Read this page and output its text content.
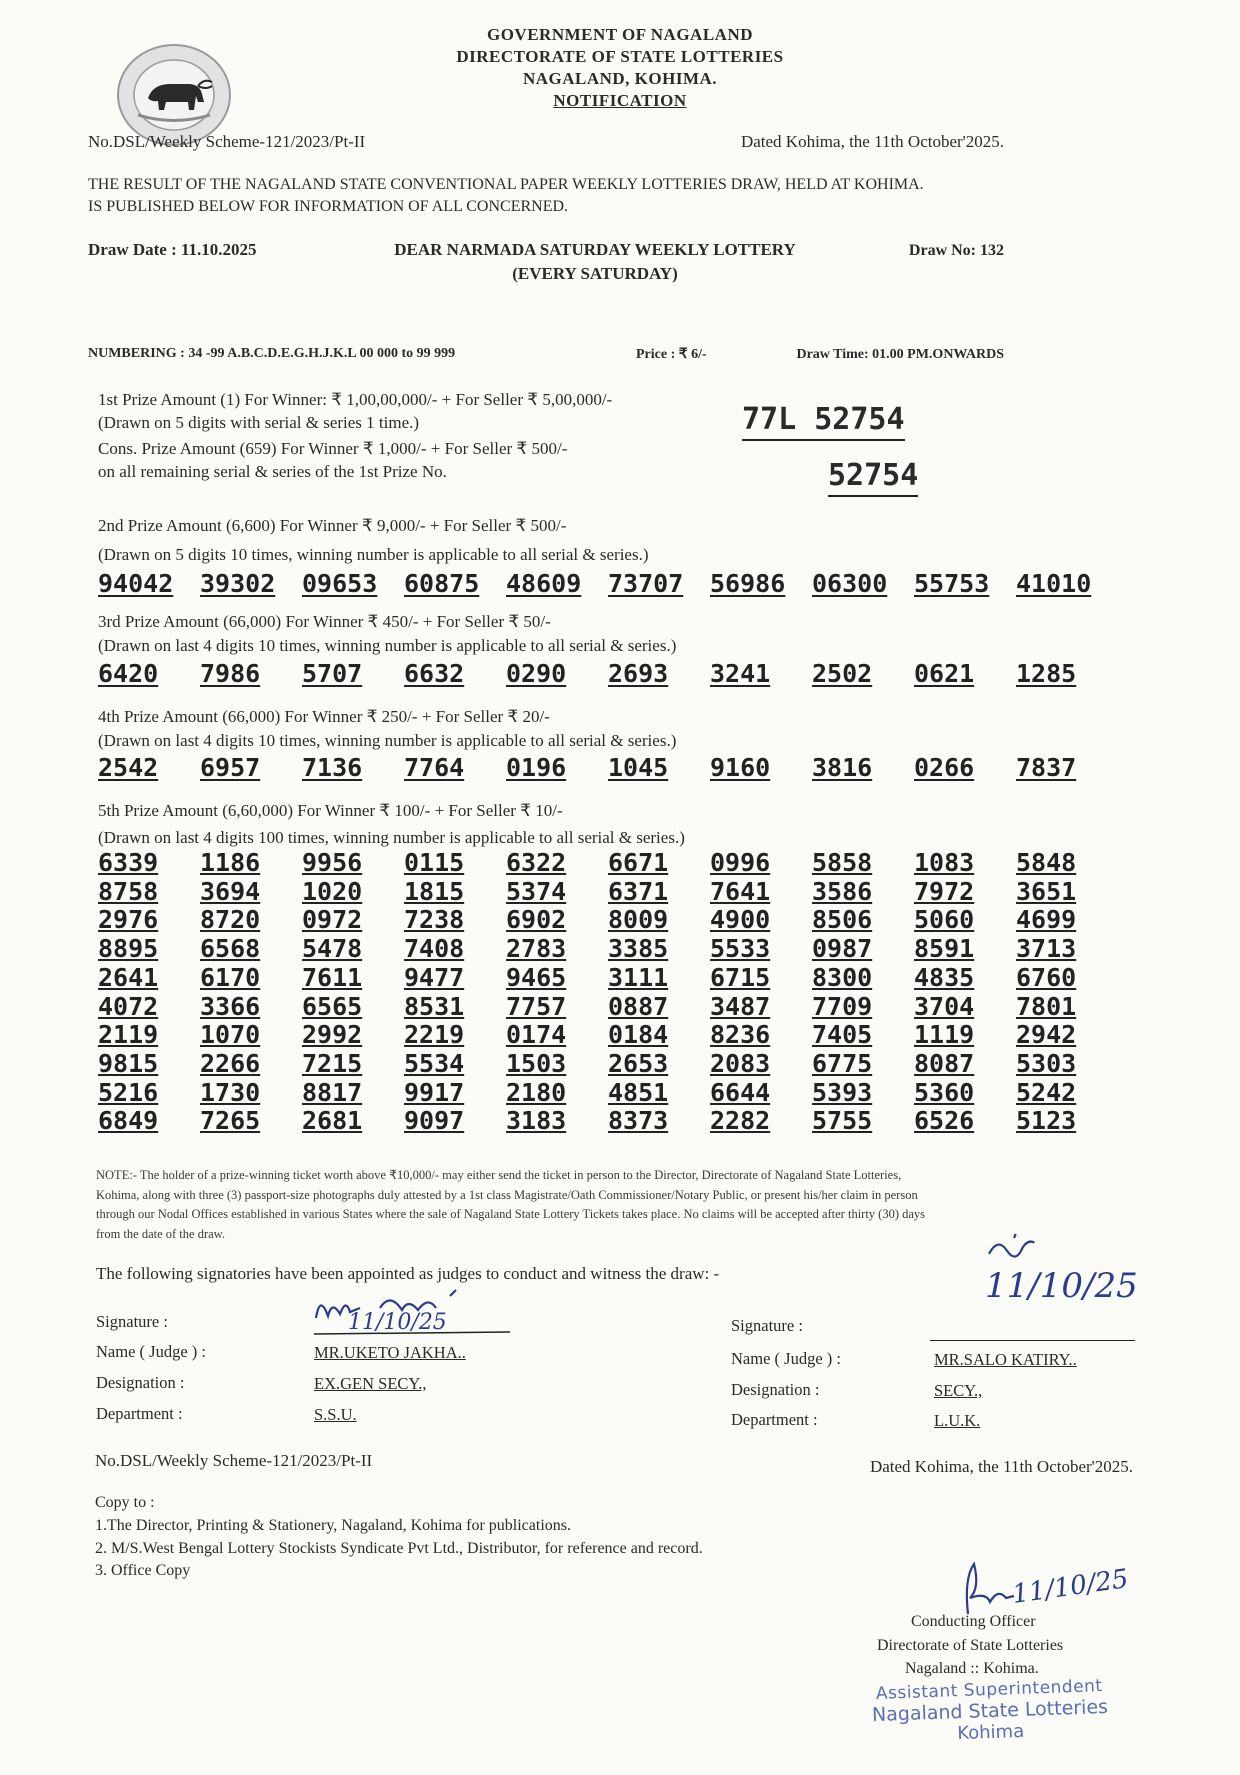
GOVERNMENT OF NAGALAND
DIRECTORATE OF STATE LOTTERIES
NAGALAND, KOHIMA.
NOTIFICATION
No.DSL/Weekly Scheme-121/2023/Pt-II	Dated Kohima, the 11th October'2025.
THE RESULT OF THE NAGALAND STATE CONVENTIONAL PAPER WEEKLY LOTTERIES DRAW, HELD AT KOHIMA.
IS PUBLISHED BELOW FOR INFORMATION OF ALL CONCERNED.
Draw Date : 11.10.2025	DEAR NARMADA SATURDAY WEEKLY LOTTERY
(EVERY SATURDAY)
Draw No: 132
NUMBERING : 34 -99 A.B.C.D.E.G.H.J.K.L 00 000 to 99 999	Price : ₹ 6/-	Draw Time: 01.00 PM.ONWARDS
1st Prize Amount (1) For Winner: ₹ 1,00,00,000/- + For Seller ₹ 5,00,000/-
(Drawn on 5 digits with serial & series 1 time.)
Cons. Prize Amount (659) For Winner ₹ 1,000/- + For Seller ₹ 500/-
on all remaining serial & series of the 1st Prize No.
77L 52754
52754
2nd Prize Amount (6,600) For Winner ₹ 9,000/- + For Seller ₹ 500/-
(Drawn on 5 digits 10 times, winning number is applicable to all serial & series.)
94042	39302	09653	60875	48609	73707	56986	06300	55753	41010
3rd Prize Amount (66,000) For Winner ₹ 450/- + For Seller ₹ 50/-
(Drawn on last 4 digits 10 times, winning number is applicable to all serial & series.)
6420	7986	5707	6632	0290	2693	3241	2502	0621	1285
4th Prize Amount (66,000) For Winner ₹ 250/- + For Seller ₹ 20/-
(Drawn on last 4 digits 10 times, winning number is applicable to all serial & series.)
2542	6957	7136	7764	0196	1045	9160	3816	0266	7837
5th Prize Amount (6,60,000) For Winner ₹ 100/- + For Seller ₹ 10/-
(Drawn on last 4 digits 100 times, winning number is applicable to all serial & series.)
6339	1186	9956	0115	6322	6671	0996	5858	1083	5848
8758	3694	1020	1815	5374	6371	7641	3586	7972	3651
2976	8720	0972	7238	6902	8009	4900	8506	5060	4699
8895	6568	5478	7408	2783	3385	5533	0987	8591	3713
2641	6170	7611	9477	9465	3111	6715	8300	4835	6760
4072	3366	6565	8531	7757	0887	3487	7709	3704	7801
2119	1070	2992	2219	0174	0184	8236	7405	1119	2942
9815	2266	7215	5534	1503	2653	2083	6775	8087	5303
5216	1730	8817	9917	2180	4851	6644	5393	5360	5242
6849	7265	2681	9097	3183	8373	2282	5755	6526	5123
NOTE:- The holder of a prize-winning ticket worth above ₹10,000/- may either send the ticket in person to the Director, Directorate of Nagaland State Lotteries,
Kohima, along with three (3) passport-size photographs duly attested by a 1st class Magistrate/Oath Commissioner/Notary Public, or present his/her claim in person
through our Nodal Offices established in various States where the sale of Nagaland State Lottery Tickets takes place. No claims will be accepted after thirty (30) days
from the date of the draw.
The following signatories have been appointed as judges to conduct and witness the draw: -	11/10/25
Signature :	11/10/25
Name ( Judge ) :	MR.UKETO JAKHA..
Designation :	EX.GEN SECY.,
Department :	S.S.U.
Signature :
Name ( Judge ) :	MR.SALO KATIRY..
Designation :	SECY.,
Department :	L.U.K.
No.DSL/Weekly Scheme-121/2023/Pt-II	Dated Kohima, the 11th October'2025.
Copy to :
1.The Director, Printing & Stationery, Nagaland, Kohima for publications.
2. M/S.West Bengal Lottery Stockists Syndicate Pvt Ltd., Distributor, for reference and record.
3. Office Copy	11/10/25
Conducting Officer
Directorate of State Lotteries
Nagaland :: Kohima.
Assistant Superintendent
Nagaland State Lotteries
Kohima
